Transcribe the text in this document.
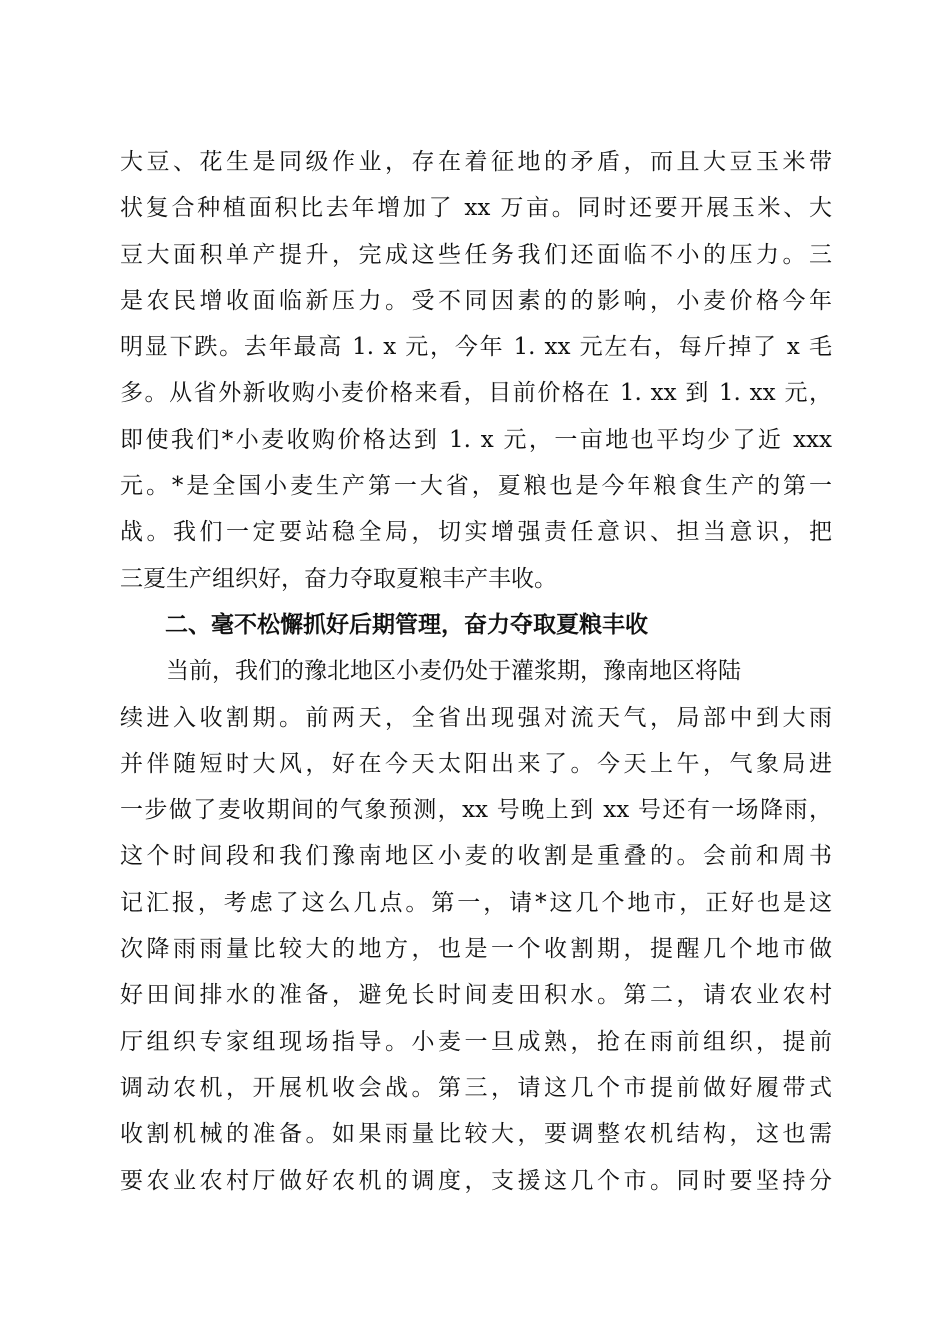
大豆、花生是同级作业，存在着征地的矛盾，而且大豆玉米带
状复合种植面积比去年增加了 xx 万亩。同时还要开展玉米、大
豆大面积单产提升，完成这些任务我们还面临不小的压力。三
是农民增收面临新压力。受不同因素的的影响，小麦价格今年
明显下跌。去年最高 1. x 元，今年 1. xx 元左右，每斤掉了 x 毛
多。从省外新收购小麦价格来看，目前价格在 1. xx 到 1. xx 元，
即使我们*小麦收购价格达到 1. x 元，一亩地也平均少了近 xxx
元。*是全国小麦生产第一大省，夏粮也是今年粮食生产的第一
战。我们一定要站稳全局，切实增强责任意识、担当意识，把
三夏生产组织好，奋力夺取夏粮丰产丰收。
二、毫不松懈抓好后期管理，奋力夺取夏粮丰收
当前，我们的豫北地区小麦仍处于灌浆期，豫南地区将陆
续进入收割期。前两天，全省出现强对流天气，局部中到大雨
并伴随短时大风，好在今天太阳出来了。今天上午，气象局进
一步做了麦收期间的气象预测，xx 号晚上到 xx 号还有一场降雨，
这个时间段和我们豫南地区小麦的收割是重叠的。会前和周书
记汇报，考虑了这么几点。第一，请*这几个地市，正好也是这
次降雨雨量比较大的地方，也是一个收割期，提醒几个地市做
好田间排水的准备，避免长时间麦田积水。第二，请农业农村
厅组织专家组现场指导。小麦一旦成熟，抢在雨前组织，提前
调动农机，开展机收会战。第三，请这几个市提前做好履带式
收割机械的准备。如果雨量比较大，要调整农机结构，这也需
要农业农村厅做好农机的调度，支援这几个市。同时要坚持分
